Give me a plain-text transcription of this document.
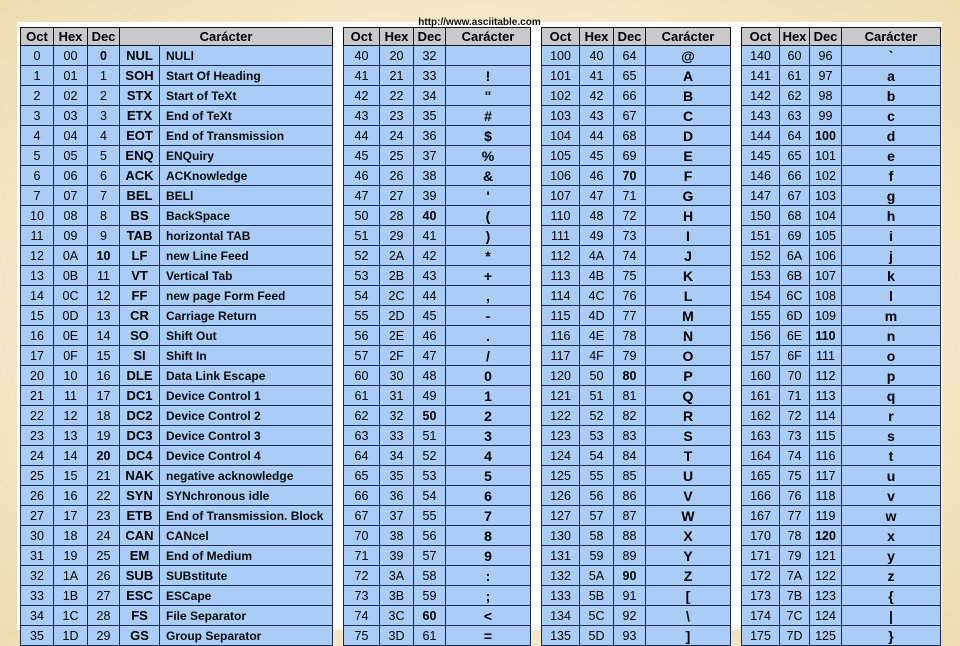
http://www.asciitable.com
Oct	Hex	Dec	Carácter	
0	00	0	NUL	NULl
1	01	1	SOH	Start Of Heading
2	02	2	STX	Start of TeXt
3	03	3	ETX	End of TeXt
4	04	4	EOT	End of Transmission
5	05	5	ENQ	ENQuiry
6	06	6	ACK	ACKnowledge
7	07	7	BEL	BELl
10	08	8	BS	BackSpace
11	09	9	TAB	horizontal TAB
12	0A	10	LF	new Line Feed
13	0B	11	VT	Vertical Tab
14	0C	12	FF	new page Form Feed
15	0D	13	CR	Carriage Return
16	0E	14	SO	Shift Out
17	0F	15	SI	Shift In
20	10	16	DLE	Data Link Escape
21	11	17	DC1	Device Control 1
22	12	18	DC2	Device Control 2
23	13	19	DC3	Device Control 3
24	14	20	DC4	Device Control 4
25	15	21	NAK	negative acknowledge
26	16	22	SYN	SYNchronous idle
27	17	23	ETB	End of Transmission. Block
30	18	24	CAN	CANcel
31	19	25	EM	End of Medium
32	1A	26	SUB	SUBstitute
33	1B	27	ESC	ESCape
34	1C	28	FS	File Separator
35	1D	29	GS	Group Separator
Oct	Hex	Dec	Carácter
40	20	32	
41	21	33	!
42	22	34	"
43	23	35	#
44	24	36	$
45	25	37	%
46	26	38	&
47	27	39	'
50	28	40	(
51	29	41	)
52	2A	42	*
53	2B	43	+
54	2C	44	,
55	2D	45	-
56	2E	46	.
57	2F	47	/
60	30	48	0
61	31	49	1
62	32	50	2
63	33	51	3
64	34	52	4
65	35	53	5
66	36	54	6
67	37	55	7
70	38	56	8
71	39	57	9
72	3A	58	:
73	3B	59	;
74	3C	60	<
75	3D	61	=
Oct	Hex	Dec	Carácter
100	40	64	@
101	41	65	A
102	42	66	B
103	43	67	C
104	44	68	D
105	45	69	E
106	46	70	F
107	47	71	G
110	48	72	H
111	49	73	I
112	4A	74	J
113	4B	75	K
114	4C	76	L
115	4D	77	M
116	4E	78	N
117	4F	79	O
120	50	80	P
121	51	81	Q
122	52	82	R
123	53	83	S
124	54	84	T
125	55	85	U
126	56	86	V
127	57	87	W
130	58	88	X
131	59	89	Y
132	5A	90	Z
133	5B	91	[
134	5C	92	\
135	5D	93	]
Oct	Hex	Dec	Carácter
140	60	96	`
141	61	97	a
142	62	98	b
143	63	99	c
144	64	100	d
145	65	101	e
146	66	102	f
147	67	103	g
150	68	104	h
151	69	105	i
152	6A	106	j
153	6B	107	k
154	6C	108	l
155	6D	109	m
156	6E	110	n
157	6F	111	o
160	70	112	p
161	71	113	q
162	72	114	r
163	73	115	s
164	74	116	t
165	75	117	u
166	76	118	v
167	77	119	w
170	78	120	x
171	79	121	y
172	7A	122	z
173	7B	123	{
174	7C	124	|
175	7D	125	}
